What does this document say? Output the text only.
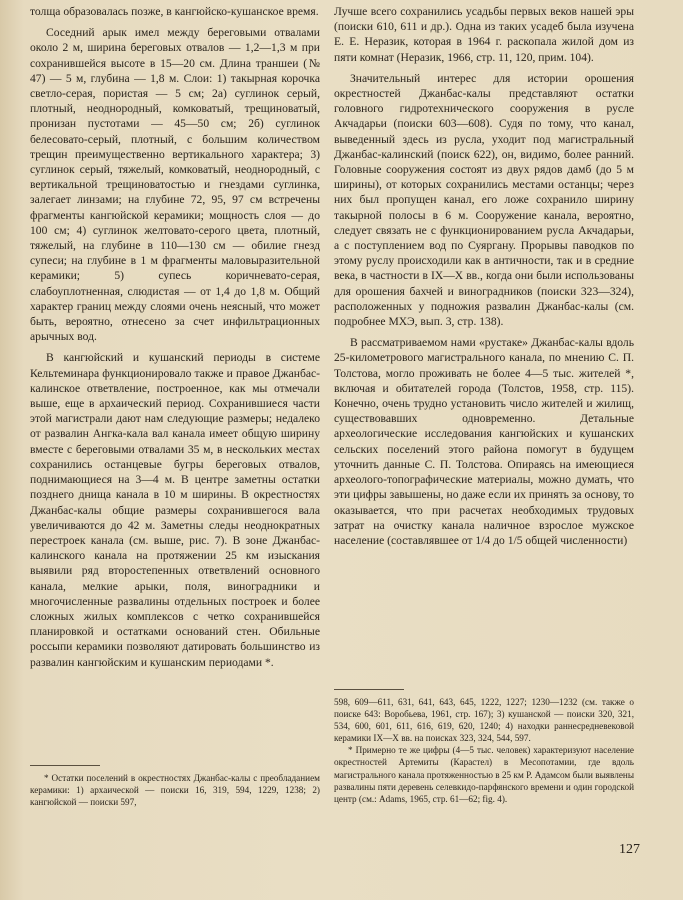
толща образовалась позже, в кангюйско-кушанское время.

Соседний арык имел между береговыми отвалами около 2 м, ширина береговых отвалов — 1,2—1,3 м при сохранившейся высоте в 15—20 см. Длина траншеи (№ 47) — 5 м, глубина — 1,8 м. Слои: 1) такырная корочка светло-серая, пористая — 5 см; 2а) суглинок серый, плотный, неоднородный, комковатый, трещиноватый, пронизан пустотами — 45—50 см; 2б) суглинок белесовато-серый, плотный, с большим количеством трещин преимущественно вертикального характера; 3) суглинок серый, тяжелый, комковатый, неоднородный, с вертикальной трещиноватостью и гнездами суглинка, залегает линзами; на глубине 72, 95, 97 см встречены фрагменты кангюйской керамики; мощность слоя — до 100 см; 4) суглинок желтовато-серого цвета, плотный, тяжелый, на глубине в 110—130 см — обилие гнезд супеси; на глубине в 1 м фрагменты маловыразительной керамики; 5) супесь коричневато-серая, слабоуплотненная, слюдистая — от 1,4 до 1,8 м. Общий характер границ между слоями очень неясный, что может быть, вероятно, отнесено за счет инфильтрационных арычных вод.

В кангюйский и кушанский периоды в системе Кельтеминара функционировало также и правое Джанбас-калинское ответвление, построенное, как мы отмечали выше, еще в архаический период. Сохранившиеся части этой магистрали дают нам следующие размеры; недалеко от развалин Ангка-кала вал канала имеет общую ширину вместе с береговыми отвалами 35 м, в нескольких местах сохранились останцевые бугры береговых отвалов, поднимающиеся на 3—4 м. В центре заметны остатки позднего днища канала в 10 м ширины. В окрестностях Джанбас-калы общие размеры сохранившегося вала увеличиваются до 42 м. Заметны следы неоднократных перестроек канала (см. выше, рис. 7). В зоне Джанбас-калинского канала на протяжении 25 км изыскания выявили ряд второстепенных ответвлений основного канала, мелкие арыки, поля, виноградники и многочисленные развалины отдельных построек и более сложных жилых комплексов с четко сохранившейся планировкой и остатками оснований стен. Обильные россыпи керамики позволяют датировать большинство из развалин кангюйским и кушанским периодами *.

* Остатки поселений в окрестностях Джанбас-калы с преобладанием керамики: 1) архаической — поиски 16, 319, 594, 1229, 1238; 2) кангюйской — поиски 597,

Лучше всего сохранились усадьбы первых веков нашей эры (поиски 610, 611 и др.). Одна из таких усадеб была изучена Е. Е. Неразик, которая в 1964 г. раскопала жилой дом из пяти комнат (Неразик, 1966, стр. 11, 120, прим. 104).

Значительный интерес для истории орошения окрестностей Джанбас-калы представляют остатки головного гидротехнического сооружения в русле Акчадарьи (поиски 603—608). Судя по тому, что канал, выведенный здесь из русла, уходит под магистральный Джанбас-калинский (поиск 622), он, видимо, более ранний. Головные сооружения состоят из двух рядов дамб (до 5 м ширины), от которых сохранились местами останцы; через них был пропущен канал, его ложе сохранило ширину такырной полосы в 6 м. Сооружение канала, вероятно, следует связать не с функционированием русла Акчадарьи, а с поступлением вод по Суяргану. Прорывы паводков по этому руслу происходили как в античности, так и в средние века, в частности в IX—X вв., когда они были использованы для орошения бахчей и виноградников (поиски 323—324), расположенных у подножия развалин Джанбас-калы (см. подробнее МХЭ, вып. 3, стр. 138).

В рассматриваемом нами «рустаке» Джанбас-калы вдоль 25-километрового магистрального канала, по мнению С. П. Толстова, могло проживать не более 4—5 тыс. жителей *, включая и обитателей города (Толстов, 1958, стр. 115). Конечно, очень трудно установить число жителей и жилищ, существовавших одновременно. Детальные археологические исследования кангюйских и кушанских сельских поселений этого района помогут в будущем уточнить данные С. П. Толстова. Опираясь на имеющиеся археолого-топографические материалы, можно думать, что эти цифры завышены, но даже если их принять за основу, то оказывается, что при расчетах необходимых трудовых затрат на очистку канала наличное взрослое мужское население (составлявшее от 1/4 до 1/5 общей численности)

598, 609—611, 631, 641, 643, 645, 1222, 1227; 1230—1232 (см. также о поиске 643: Воробьева, 1961, стр. 167); 3) кушанской — поиски 320, 321, 534, 600, 601, 611, 616, 619, 620, 1240; 4) находки раннесредневековой керамики IX—X вв. на поисках 323, 324, 544, 597.

* Примерно те же цифры (4—5 тыс. человек) характеризуют население окрестностей Артемиты (Карастел) в Месопотамии, где вдоль магистрального канала протяженностью в 25 км Р. Адамсом были выявлены развалины пяти деревень селевкидо-парфянского времени и один городской центр (см.: Adams, 1965, стр. 61—62; fig. 4).

127
